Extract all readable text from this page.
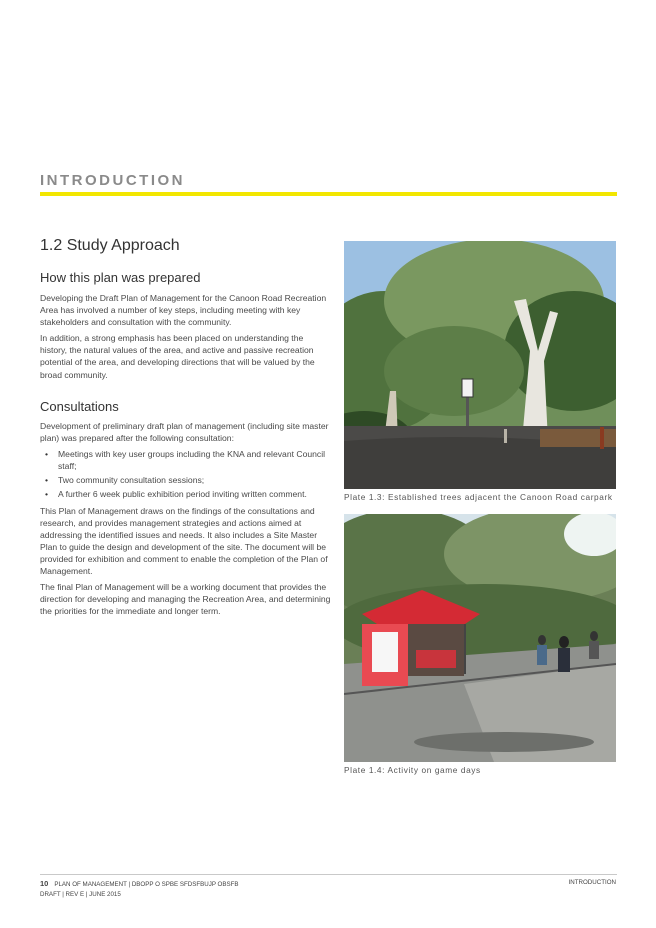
INTRODUCTION
1.2 Study Approach
How this plan was prepared

Developing the Draft Plan of Management for the Canoon Road Recreation Area has involved a number of key steps, including meeting with key stakeholders and consultation with the community.

In addition, a strong emphasis has been placed on understanding the history, the natural values of the area, and active and passive recreation potential of the area, and developing directions that will be valued by the broad community.

Consultations

Development of preliminary draft plan of management (including site master plan) was prepared after the following consultation:

• Meetings with key user groups including the KNA and relevant Council staff;
• Two community consultation sessions;
• A further 6 week public exhibition period inviting written comment.

This Plan of Management draws on the findings of the consultations and research, and provides management strategies and actions aimed at addressing the identified issues and needs. It also includes a Site Master Plan to guide the design and development of the site. The document will be provided for exhibition and comment to enable the completion of the Plan of Management.

The final Plan of Management will be a working document that provides the direction for developing and managing the Recreation Area, and determining the priorities for the immediate and longer term.

Plate 1.3: Established trees adjacent the Canoon Road carpark
Plate 1.4: Activity on game days
10 PLAN OF MANAGEMENT | DBOPP O SPBE SFDSFBUJP OBSFB
DRAFT | REV E | JUNE 2015
INTRODUCTION
